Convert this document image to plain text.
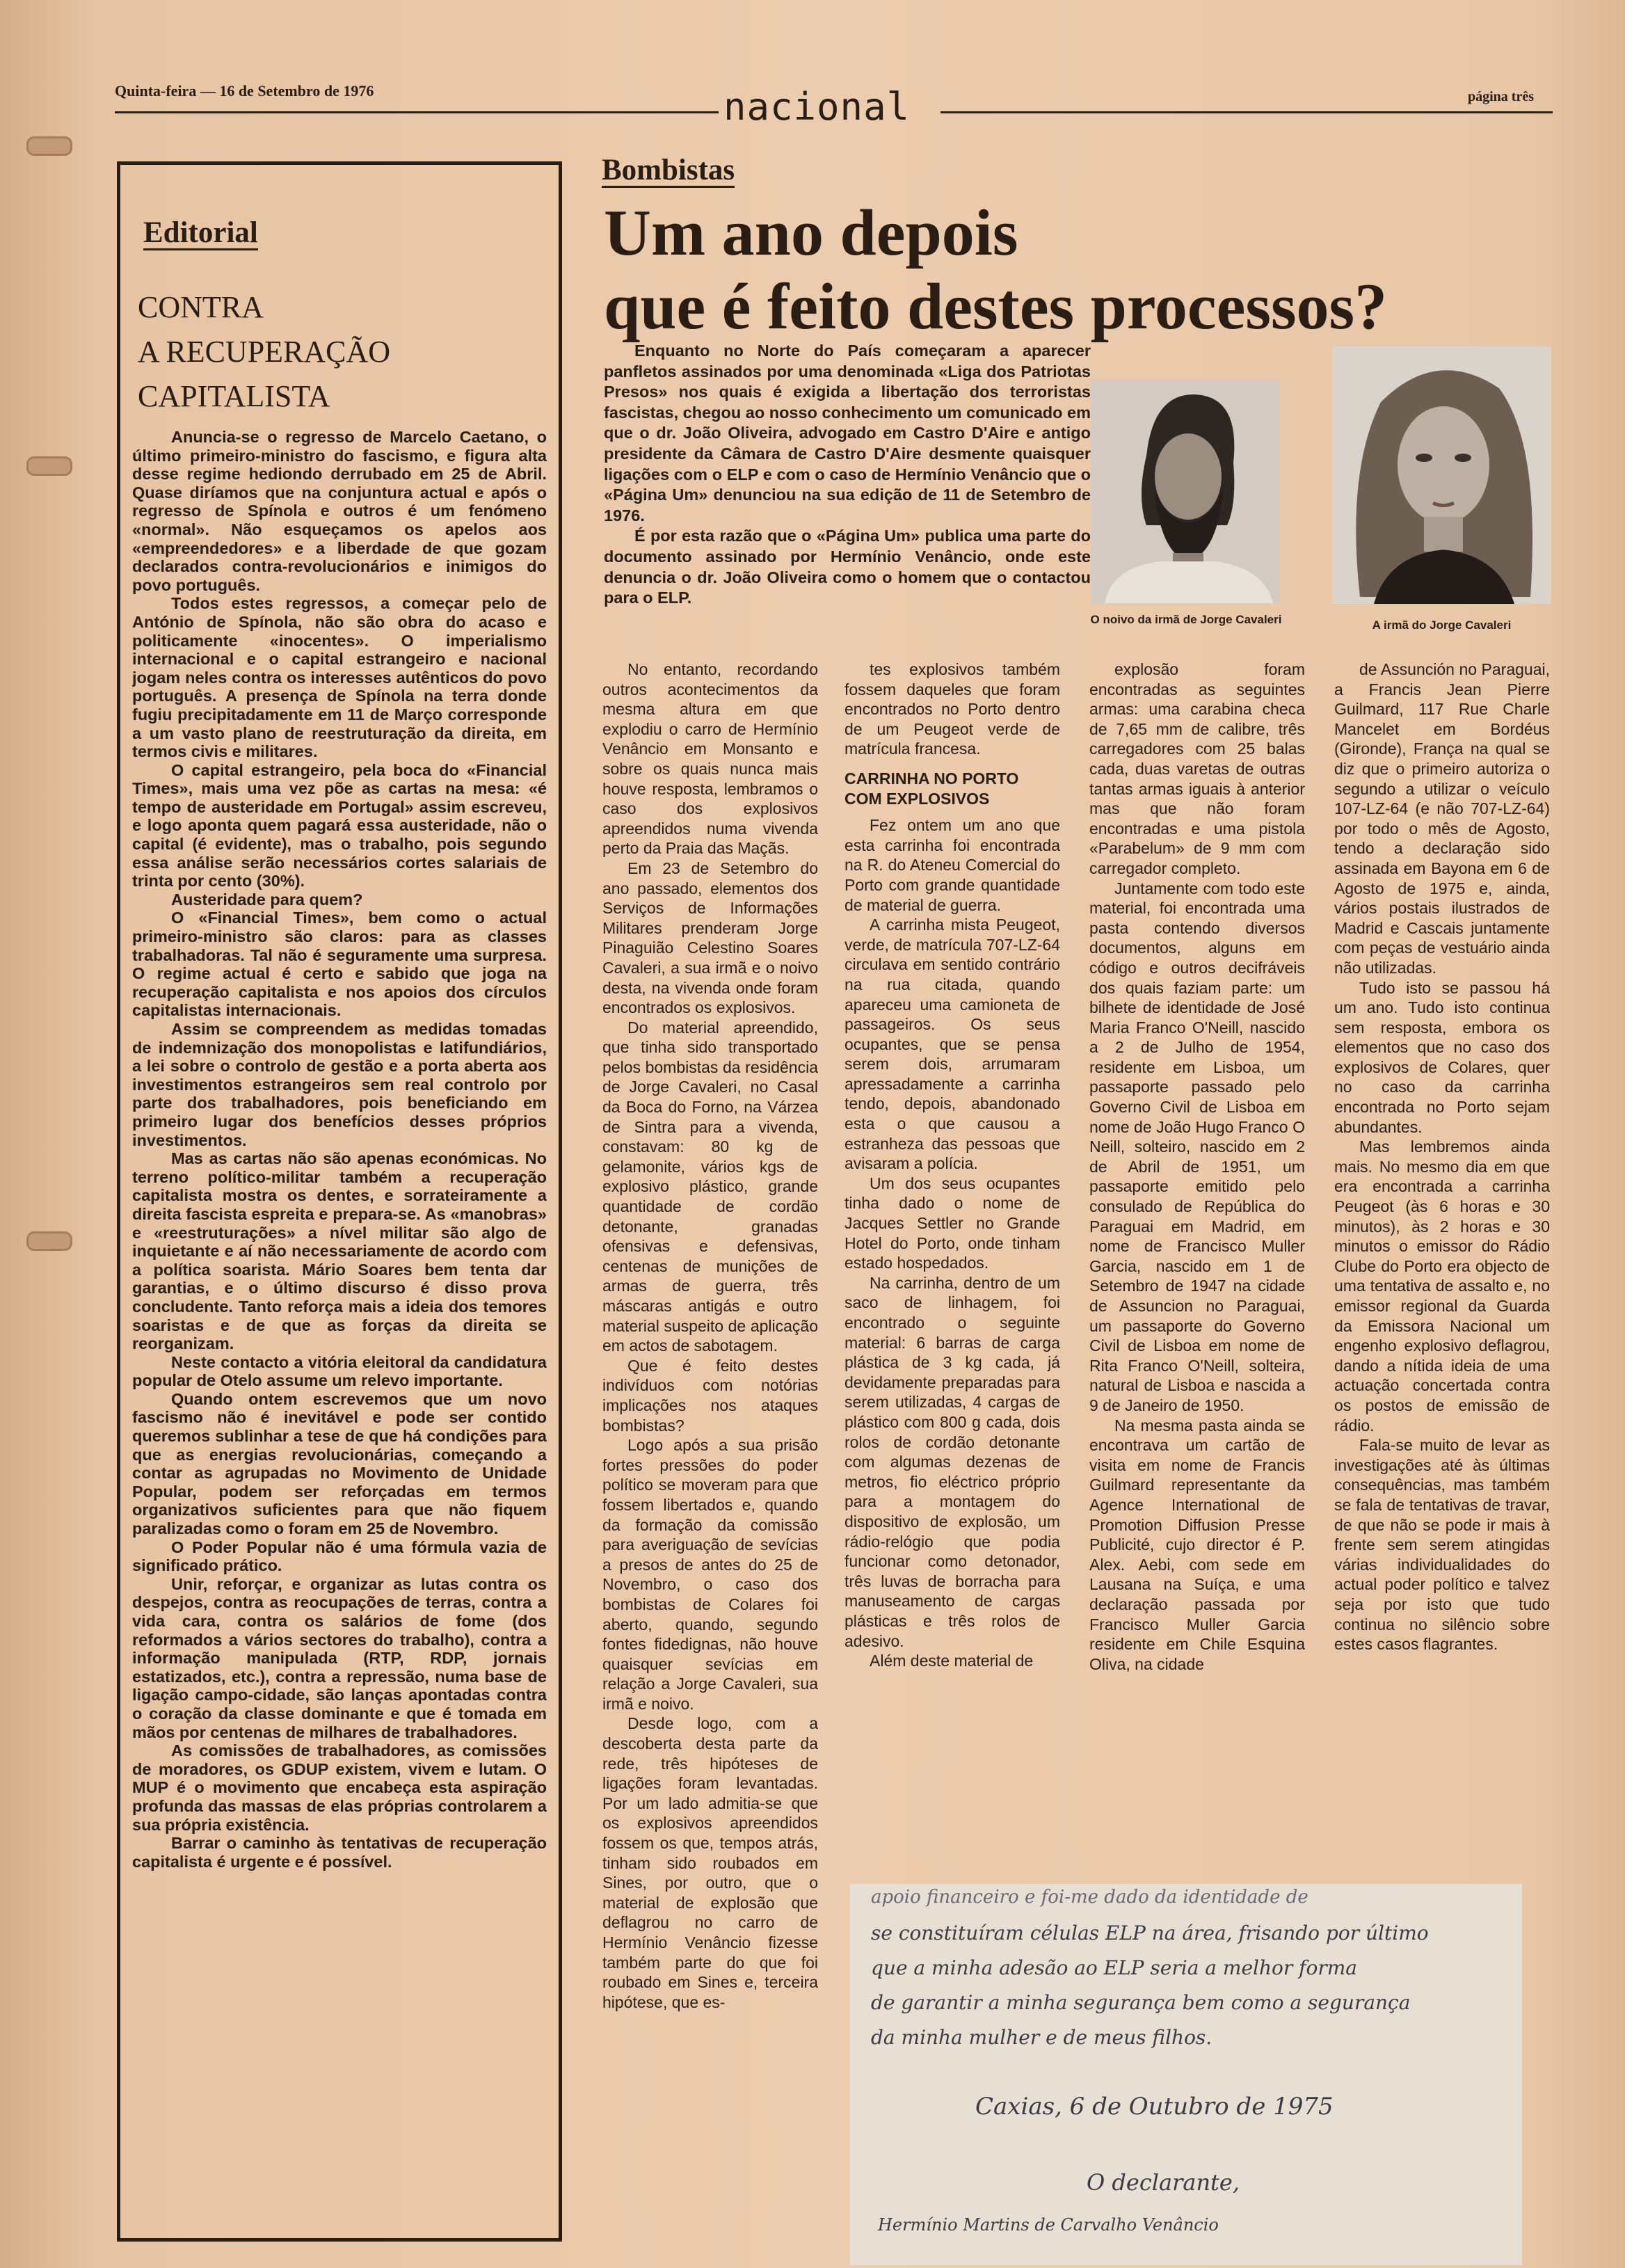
Quinta-feira — 16 de Setembro de 1976	nacional	página três
Editorial
CONTRA
A RECUPERAÇÃO
CAPITALISTA

Anuncia-se o regresso de Marcelo Caetano, o último primeiro-ministro do fascismo, e figura alta desse regime hediondo derrubado em 25 de Abril. Quase diríamos que na conjuntura actual e após o regresso de Spínola e outros é um fenómeno «normal». Não esqueçamos os apelos aos «empreendedores» e a liberdade de que gozam declarados contra-revolucionários e inimigos do povo português.

Todos estes regressos, a começar pelo de António de Spínola, não são obra do acaso e politicamente «inocentes». O imperialismo internacional e o capital estrangeiro e nacional jogam neles contra os interesses autênticos do povo português. A presença de Spínola na terra donde fugiu precipitadamente em 11 de Março corresponde a um vasto plano de reestruturação da direita, em termos civis e militares.

O capital estrangeiro, pela boca do «Financial Times», mais uma vez põe as cartas na mesa: «é tempo de austeridade em Portugal» assim escreveu, e logo aponta quem pagará essa austeridade, não o capital (é evidente), mas o trabalho, pois segundo essa análise serão necessários cortes salariais de trinta por cento (30%).

Austeridade para quem?

O «Financial Times», bem como o actual primeiro-ministro são claros: para as classes trabalhadoras. Tal não é seguramente uma surpresa. O regime actual é certo e sabido que joga na recuperação capitalista e nos apoios dos círculos capitalistas internacionais.

Assim se compreendem as medidas tomadas de indemnização dos monopolistas e latifundiários, a lei sobre o controlo de gestão e a porta aberta aos investimentos estrangeiros sem real controlo por parte dos trabalhadores, pois beneficiando em primeiro lugar dos benefícios desses próprios investimentos.

Mas as cartas não são apenas económicas. No terreno político-militar também a recuperação capitalista mostra os dentes, e sorrateiramente a direita fascista espreita e prepara-se. As «manobras» e «reestruturações» a nível militar são algo de inquietante e aí não necessariamente de acordo com a política soarista. Mário Soares bem tenta dar garantias, e o último discurso é disso prova concludente. Tanto reforça mais a ideia dos temores soaristas e de que as forças da direita se reorganizam.

Neste contacto a vitória eleitoral da candidatura popular de Otelo assume um relevo importante.

Quando ontem escrevemos que um novo fascismo não é inevitável e pode ser contido queremos sublinhar a tese de que há condições para que as energias revolucionárias, começando a contar as agrupadas no Movimento de Unidade Popular, podem ser reforçadas em termos organizativos suficientes para que não fiquem paralizadas como o foram em 25 de Novembro.

O Poder Popular não é uma fórmula vazia de significado prático.

Unir, reforçar, e organizar as lutas contra os despejos, contra as reocupações de terras, contra a vida cara, contra os salários de fome (dos reformados a vários sectores do trabalho), contra a informação manipulada (RTP, RDP, jornais estatizados, etc.), contra a repressão, numa base de ligação campo-cidade, são lanças apontadas contra o coração da classe dominante e que é tomada em mãos por centenas de milhares de trabalhadores.

As comissões de trabalhadores, as comissões de moradores, os GDUP existem, vivem e lutam. O MUP é o movimento que encabeça esta aspiração profunda das massas de elas próprias controlarem a sua própria existência.

Barrar o caminho às tentativas de recuperação capitalista é urgente e é possível.

Bombistas
Um ano depois
que é feito destes processos?

Enquanto no Norte do País começaram a aparecer panfletos assinados por uma denominada «Liga dos Patriotas Presos» nos quais é exigida a libertação dos terroristas fascistas, chegou ao nosso conhecimento um comunicado em que o dr. João Oliveira, advogado em Castro D'Aire e antigo presidente da Câmara de Castro D'Aire desmente quaisquer ligações com o ELP e com o caso de Hermínio Venâncio que o «Página Um» denunciou na sua edição de 11 de Setembro de 1976.

É por esta razão que o «Página Um» publica uma parte do documento assinado por Hermínio Venâncio, onde este denuncia o dr. João Oliveira como o homem que o contactou para o ELP.

O noivo da irmã de Jorge Cavaleri	A irmã do Jorge Cavaleri

No entanto, recordando outros acontecimentos da mesma altura em que explodiu o carro de Hermínio Venâncio em Monsanto e sobre os quais nunca mais houve resposta, lembramos o caso dos explosivos apreendidos numa vivenda perto da Praia das Maçãs.

Em 23 de Setembro do ano passado, elementos dos Serviços de Informações Militares prenderam Jorge Pinaguião Celestino Soares Cavaleri, a sua irmã e o noivo desta, na vivenda onde foram encontrados os explosivos.

Do material apreendido, que tinha sido transportado pelos bombistas da residência de Jorge Cavaleri, no Casal da Boca do Forno, na Várzea de Sintra para a vivenda, constavam: 80 kg de gelamonite, vários kgs de explosivo plástico, grande quantidade de cordão detonante, granadas ofensivas e defensivas, centenas de munições de armas de guerra, três máscaras antigás e outro material suspeito de aplicação em actos de sabotagem.

Que é feito destes indivíduos com notórias implicações nos ataques bombistas?

Logo após a sua prisão fortes pressões do poder político se moveram para que fossem libertados e, quando da formação da comissão para averiguação de sevícias a presos de antes do 25 de Novembro, o caso dos bombistas de Colares foi aberto, quando, segundo fontes fidedignas, não houve quaisquer sevícias em relação a Jorge Cavaleri, sua irmã e noivo.

Desde logo, com a descoberta desta parte da rede, três hipóteses de ligações foram levantadas. Por um lado admitia-se que os explosivos apreendidos fossem os que, tempos atrás, tinham sido roubados em Sines, por outro, que o material de explosão que deflagrou no carro de Hermínio Venâncio fizesse também parte do que foi roubado em Sines e, terceira hipótese, que es-

tes explosivos também fossem daqueles que foram encontrados no Porto dentro de um Peugeot verde de matrícula francesa.

CARRINHA NO PORTO COM EXPLOSIVOS

Fez ontem um ano que esta carrinha foi encontrada na R. do Ateneu Comercial do Porto com grande quantidade de material de guerra.

A carrinha mista Peugeot, verde, de matrícula 707-LZ-64 circulava em sentido contrário na rua citada, quando apareceu uma camioneta de passageiros. Os seus ocupantes, que se pensa serem dois, arrumaram apressadamente a carrinha tendo, depois, abandonado esta o que causou a estranheza das pessoas que avisaram a polícia.

Um dos seus ocupantes tinha dado o nome de Jacques Settler no Grande Hotel do Porto, onde tinham estado hospedados.

Na carrinha, dentro de um saco de linhagem, foi encontrado o seguinte material: 6 barras de carga plástica de 3 kg cada, já devidamente preparadas para serem utilizadas, 4 cargas de plástico com 800 g cada, dois rolos de cordão detonante com algumas dezenas de metros, fio eléctrico próprio para a montagem do dispositivo de explosão, um rádio-relógio que podia funcionar como detonador, três luvas de borracha para manuseamento de cargas plásticas e três rolos de adesivo.

Além deste material de

explosão foram encontradas as seguintes armas: uma carabina checa de 7,65 mm de calibre, três carregadores com 25 balas cada, duas varetas de outras tantas armas iguais à anterior mas que não foram encontradas e uma pistola «Parabelum» de 9 mm com carregador completo.

Juntamente com todo este material, foi encontrada uma pasta contendo diversos documentos, alguns em código e outros decifráveis dos quais faziam parte: um bilhete de identidade de José Maria Franco O'Neill, nascido a 2 de Julho de 1954, residente em Lisboa, um passaporte passado pelo Governo Civil de Lisboa em nome de João Hugo Franco O Neill, solteiro, nascido em 2 de Abril de 1951, um passaporte emitido pelo consulado de República do Paraguai em Madrid, em nome de Francisco Muller Garcia, nascido em 1 de Setembro de 1947 na cidade de Assuncion no Paraguai, um passaporte do Governo Civil de Lisboa em nome de Rita Franco O'Neill, solteira, natural de Lisboa e nascida a 9 de Janeiro de 1950.

Na mesma pasta ainda se encontrava um cartão de visita em nome de Francis Guilmard representante da Agence International de Promotion Diffusion Presse Publicité, cujo director é P. Alex. Aebi, com sede em Lausana na Suíça, e uma declaração passada por Francisco Muller Garcia residente em Chile Esquina Oliva, na cidade

de Assunción no Paraguai, a Francis Jean Pierre Guilmard, 117 Rue Charle Mancelet em Bordéus (Gironde), França na qual se diz que o primeiro autoriza o segundo a utilizar o veículo 107-LZ-64 (e não 707-LZ-64) por todo o mês de Agosto, tendo a declaração sido assinada em Bayona em 6 de Agosto de 1975 e, ainda, vários postais ilustrados de Madrid e Cascais juntamente com peças de vestuário ainda não utilizadas.

Tudo isto se passou há um ano. Tudo isto continua sem resposta, embora os elementos que no caso dos explosivos de Colares, quer no caso da carrinha encontrada no Porto sejam abundantes.

Mas lembremos ainda mais. No mesmo dia em que era encontrada a carrinha Peugeot (às 6 horas e 30 minutos), às 2 horas e 30 minutos o emissor do Rádio Clube do Porto era objecto de uma tentativa de assalto e, no emissor regional da Guarda da Emissora Nacional um engenho explosivo deflagrou, dando a nítida ideia de uma actuação concertada contra os postos de emissão de rádio.

Fala-se muito de levar as investigações até às últimas consequências, mas também se fala de tentativas de travar, de que não se pode ir mais à frente sem serem atingidas várias individualidades do actual poder político e talvez seja por isto que tudo continua no silêncio sobre estes casos flagrantes.

apoio financeiro e foi-me dado da identidade de
se constituíram células ELP na área, frisando por último
que a minha adesão ao ELP seria a melhor forma
de garantir a minha segurança bem como a segurança
da minha mulher e de meus filhos.
Caxias, 6 de Outubro de 1975
O declarante,
Hermínio Martins de Carvalho Venâncio
